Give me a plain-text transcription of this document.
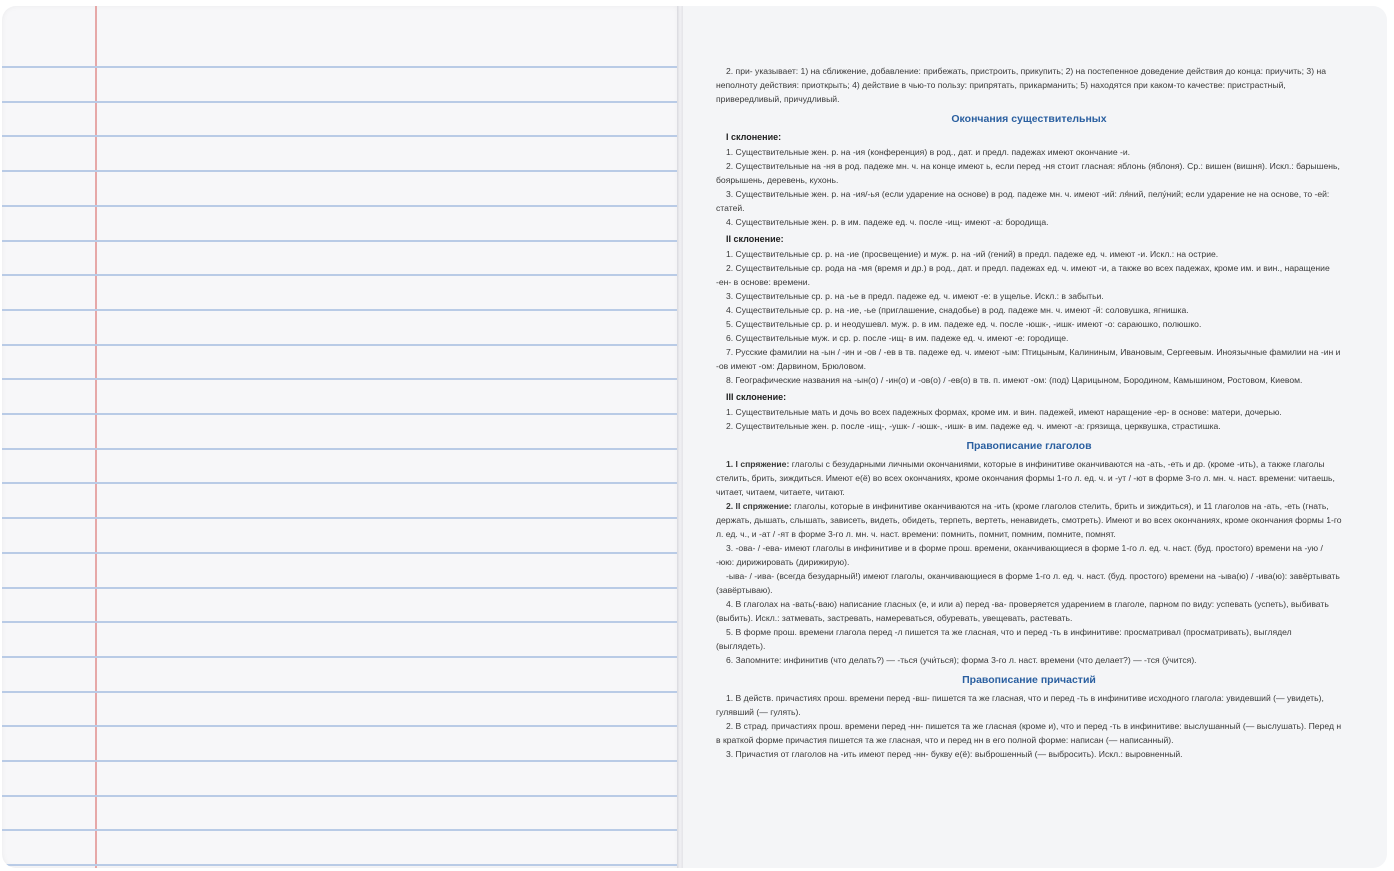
2. при- указывает: 1) на сближение, добавление: прибежать, пристроить, прикупить; 2) на постепенное доведение действия до конца: приучить; 3) на неполноту действия: приоткрыть; 4) действие в чью-то пользу: припрятать, прикарманить; 5) находятся при каком-то качестве: пристрастный, привередливый, причудливый.

Окончания существительных

I склонение:

1. Существительные жен. р. на -ия (конференция) в род., дат. и предл. падежах имеют окончание -и.

2. Существительные на -ня в род. падеже мн. ч. на конце имеют ь, если перед -ня стоит гласная: яблонь (яблоня). Ср.: вишен (вишня). Искл.: барышень, боярышень, деревень, кухонь.

3. Существительные жен. р. на -ия/-ья (если ударение на основе) в род. падеже мн. ч. имеют -ий: ля́ний, пелу́ний; если ударение не на основе, то -ей: статей.

4. Существительные жен. р. в им. падеже ед. ч. после -ищ- имеют -а: бородища.

II склонение:

1. Существительные ср. р. на -ие (просвещение) и муж. р. на -ий (гений) в предл. падеже ед. ч. имеют -и. Искл.: на острие.

2. Существительные ср. рода на -мя (время и др.) в род., дат. и предл. падежах ед. ч. имеют -и, а также во всех падежах, кроме им. и вин., наращение -ен- в основе: времени.

3. Существительные ср. р. на -ье в предл. падеже ед. ч. имеют -е: в ущелье. Искл.: в забытьи.

4. Существительные ср. р. на -ие, -ье (приглашение, снадобье) в род. падеже мн. ч. имеют -й: соловушка, ягнишка.

5. Существительные ср. р. и неодушевл. муж. р. в им. падеже ед. ч. после -юшк-, -ишк- имеют -о: сараюшко, полюшко.

6. Существительные муж. и ср. р. после -ищ- в им. падеже ед. ч. имеют -е: городище.

7. Русские фамилии на -ын / -ин и -ов / -ев в тв. падеже ед. ч. имеют -ым: Птицыным, Калининым, Ивановым, Сергеевым. Иноязычные фамилии на -ин и -ов имеют -ом: Дарвином, Брюловом.

8. Географические названия на -ын(о) / -ин(о) и -ов(о) / -ев(о) в тв. п. имеют -ом: (под) Царицыном, Бородином, Камышином, Ростовом, Киевом.

III склонение:

1. Существительные мать и дочь во всех падежных формах, кроме им. и вин. падежей, имеют наращение -ер- в основе: матери, дочерью.

2. Существительные жен. р. после -ищ-, -ушк- / -юшк-, -ишк- в им. падеже ед. ч. имеют -а: грязища, церквушка, страстишка.

Правописание глаголов

1. I спряжение: глаголы с безударными личными окончаниями, которые в инфинитиве оканчиваются на -ать, -еть и др. (кроме -ить), а также глаголы стелить, брить, зиждиться. Имеют е(ё) во всех окончаниях, кроме окончания формы 1-го л. ед. ч. и -ут / -ют в форме 3-го л. мн. ч. наст. времени: читаешь, читает, читаем, читаете, читают.

2. II спряжение: глаголы, которые в инфинитиве оканчиваются на -ить (кроме глаголов стелить, брить и зиждиться), и 11 глаголов на -ать, -еть (гнать, держать, дышать, слышать, зависеть, видеть, обидеть, терпеть, вертеть, ненавидеть, смотреть). Имеют и во всех окончаниях, кроме окончания формы 1-го л. ед. ч., и -ат / -ят в форме 3-го л. мн. ч. наст. времени: помнить, помнит, помним, помните, помнят.

3. -ова- / -ева- имеют глаголы в инфинитиве и в форме прош. времени, оканчивающиеся в форме 1-го л. ед. ч. наст. (буд. простого) времени на -ую / -юю: дирижировать (дирижирую).

-ыва- / -ива- (всегда безударный!) имеют глаголы, оканчивающиеся в форме 1-го л. ед. ч. наст. (буд. простого) времени на -ыва(ю) / -ива(ю): завёртывать (завёртываю).

4. В глаголах на -вать(-ваю) написание гласных (е, и или а) перед -ва- проверяется ударением в глаголе, парном по виду: успевать (успеть), выбивать (выбить). Искл.: затмевать, застревать, намереваться, обуревать, увещевать, растевать.

5. В форме прош. времени глагола перед -л пишется та же гласная, что и перед -ть в инфинитиве: просматривал (просматривать), выглядел (выглядеть).

6. Запомните: инфинитив (что делать?) — -ться (учи́ться); форма 3-го л. наст. времени (что делает?) — -тся (у́чится).

Правописание причастий

1. В действ. причастиях прош. времени перед -вш- пишется та же гласная, что и перед -ть в инфинитиве исходного глагола: увидевший (— увидеть), гулявший (— гулять).

2. В страд. причастиях прош. времени перед -нн- пишется та же гласная (кроме и), что и перед -ть в инфинитиве: выслушанный (— выслушать). Перед н в краткой форме причастия пишется та же гласная, что и перед нн в его полной форме: написан (— написанный).

3. Причастия от глаголов на -ить имеют перед -нн- букву е(ё): выброшенный (— выбросить). Искл.: выровненный.
